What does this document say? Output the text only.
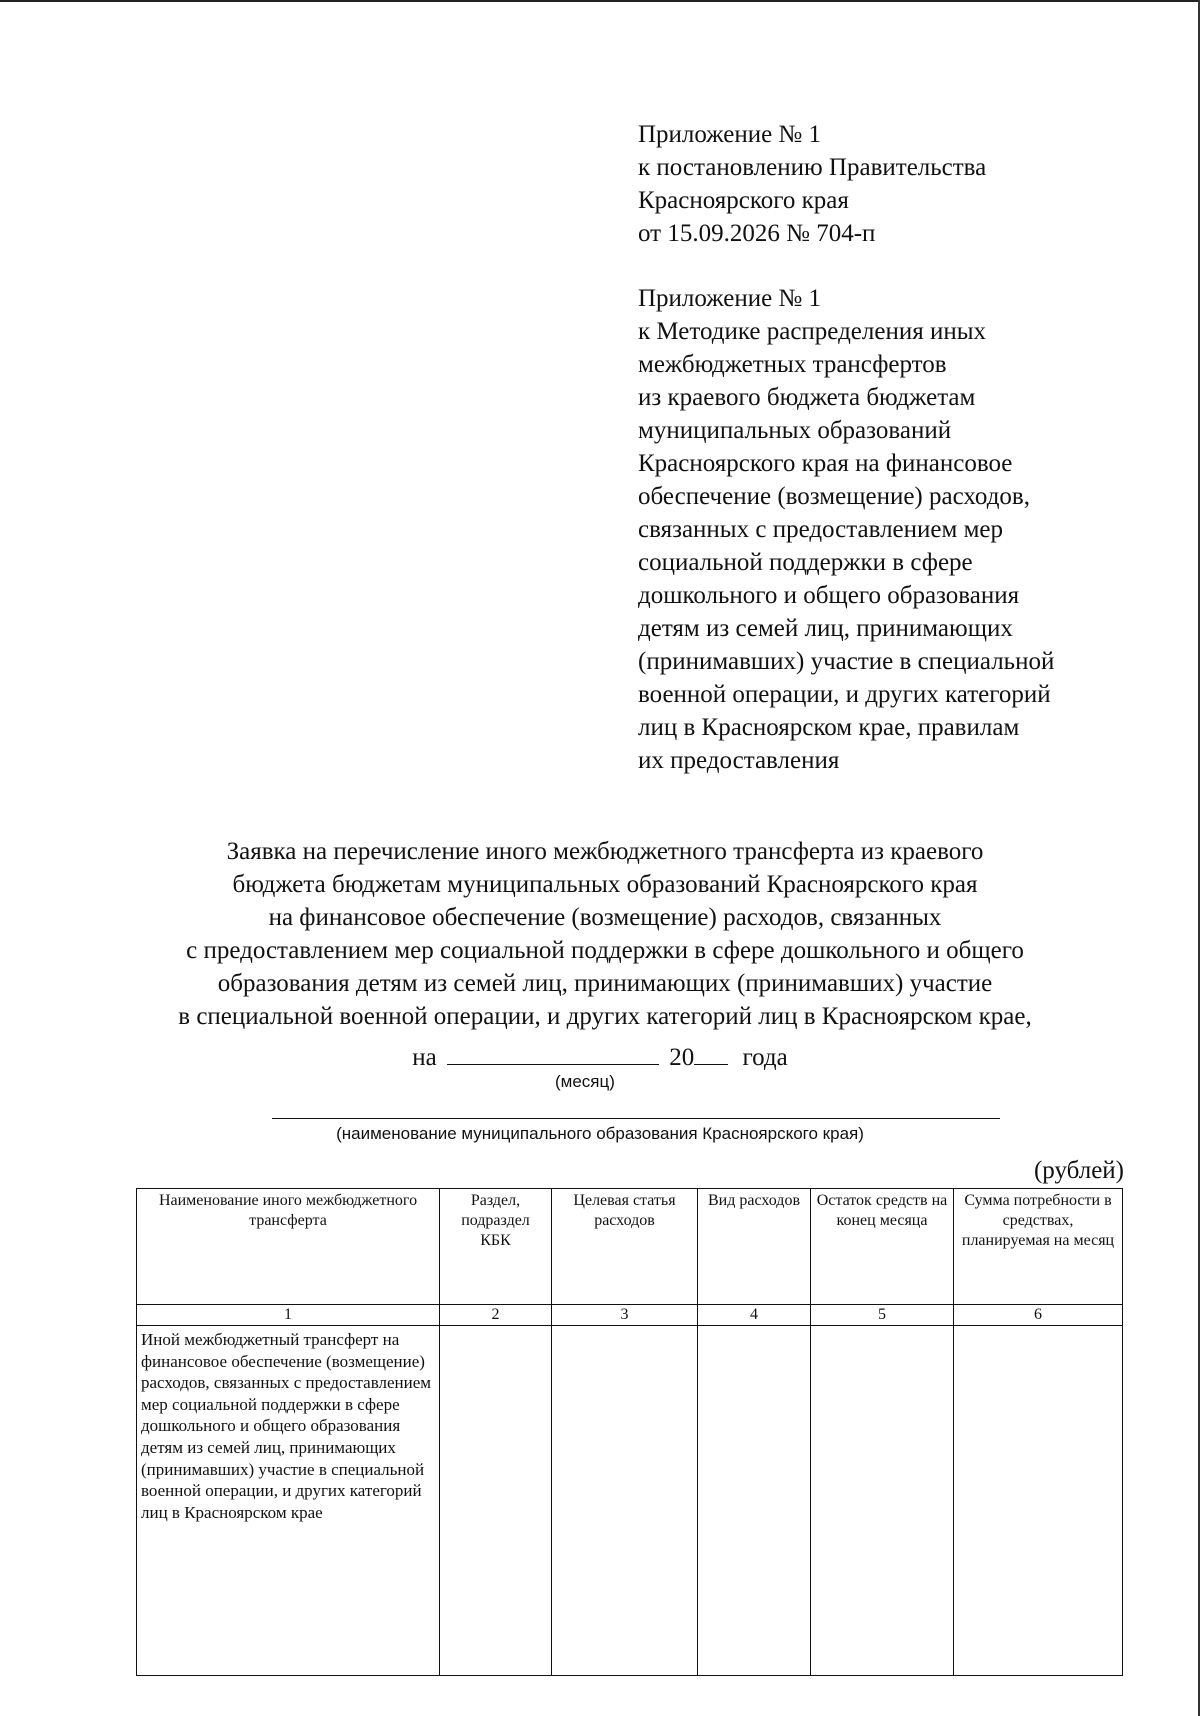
Приложение № 1
к постановлению Правительства
Красноярского края
от 15.09.2026 № 704-п
Приложение № 1
к Методике распределения иных
межбюджетных трансфертов
из краевого бюджета бюджетам
муниципальных образований
Красноярского края на финансовое
обеспечение (возмещение) расходов,
связанных с предоставлением мер
социальной поддержки в сфере
дошкольного и общего образования
детям из семей лиц, принимающих
(принимавших) участие в специальной
военной операции, и других категорий
лиц в Красноярском крае, правилам
их предоставления
Заявка на перечисление иного межбюджетного трансферта из краевого
бюджета бюджетам муниципальных образований Красноярского края
на финансовое обеспечение (возмещение) расходов, связанных
с предоставлением мер социальной поддержки в сфере дошкольного и общего
образования детям из семей лиц, принимающих (принимавших) участие
в специальной военной операции, и других категорий лиц в Красноярском крае,
на	20 года
(месяц)
(наименование муниципального образования Красноярского края)
(рублей)
Наименование иного межбюджетного трансферта	Раздел, подраздел КБК	Целевая статья расходов	Вид расходов	Остаток средств на конец месяца	Сумма потребности в средствах, планируемая на месяц
1	2	3	4	5	6
Иной межбюджетный трансферт на финансовое обеспечение (возмещение) расходов, связанных с предоставлением мер социальной поддержки в сфере дошкольного и общего образования детям из семей лиц, принимающих (принимавших) участие в специальной военной операции, и других категорий лиц в Красноярском крае					
